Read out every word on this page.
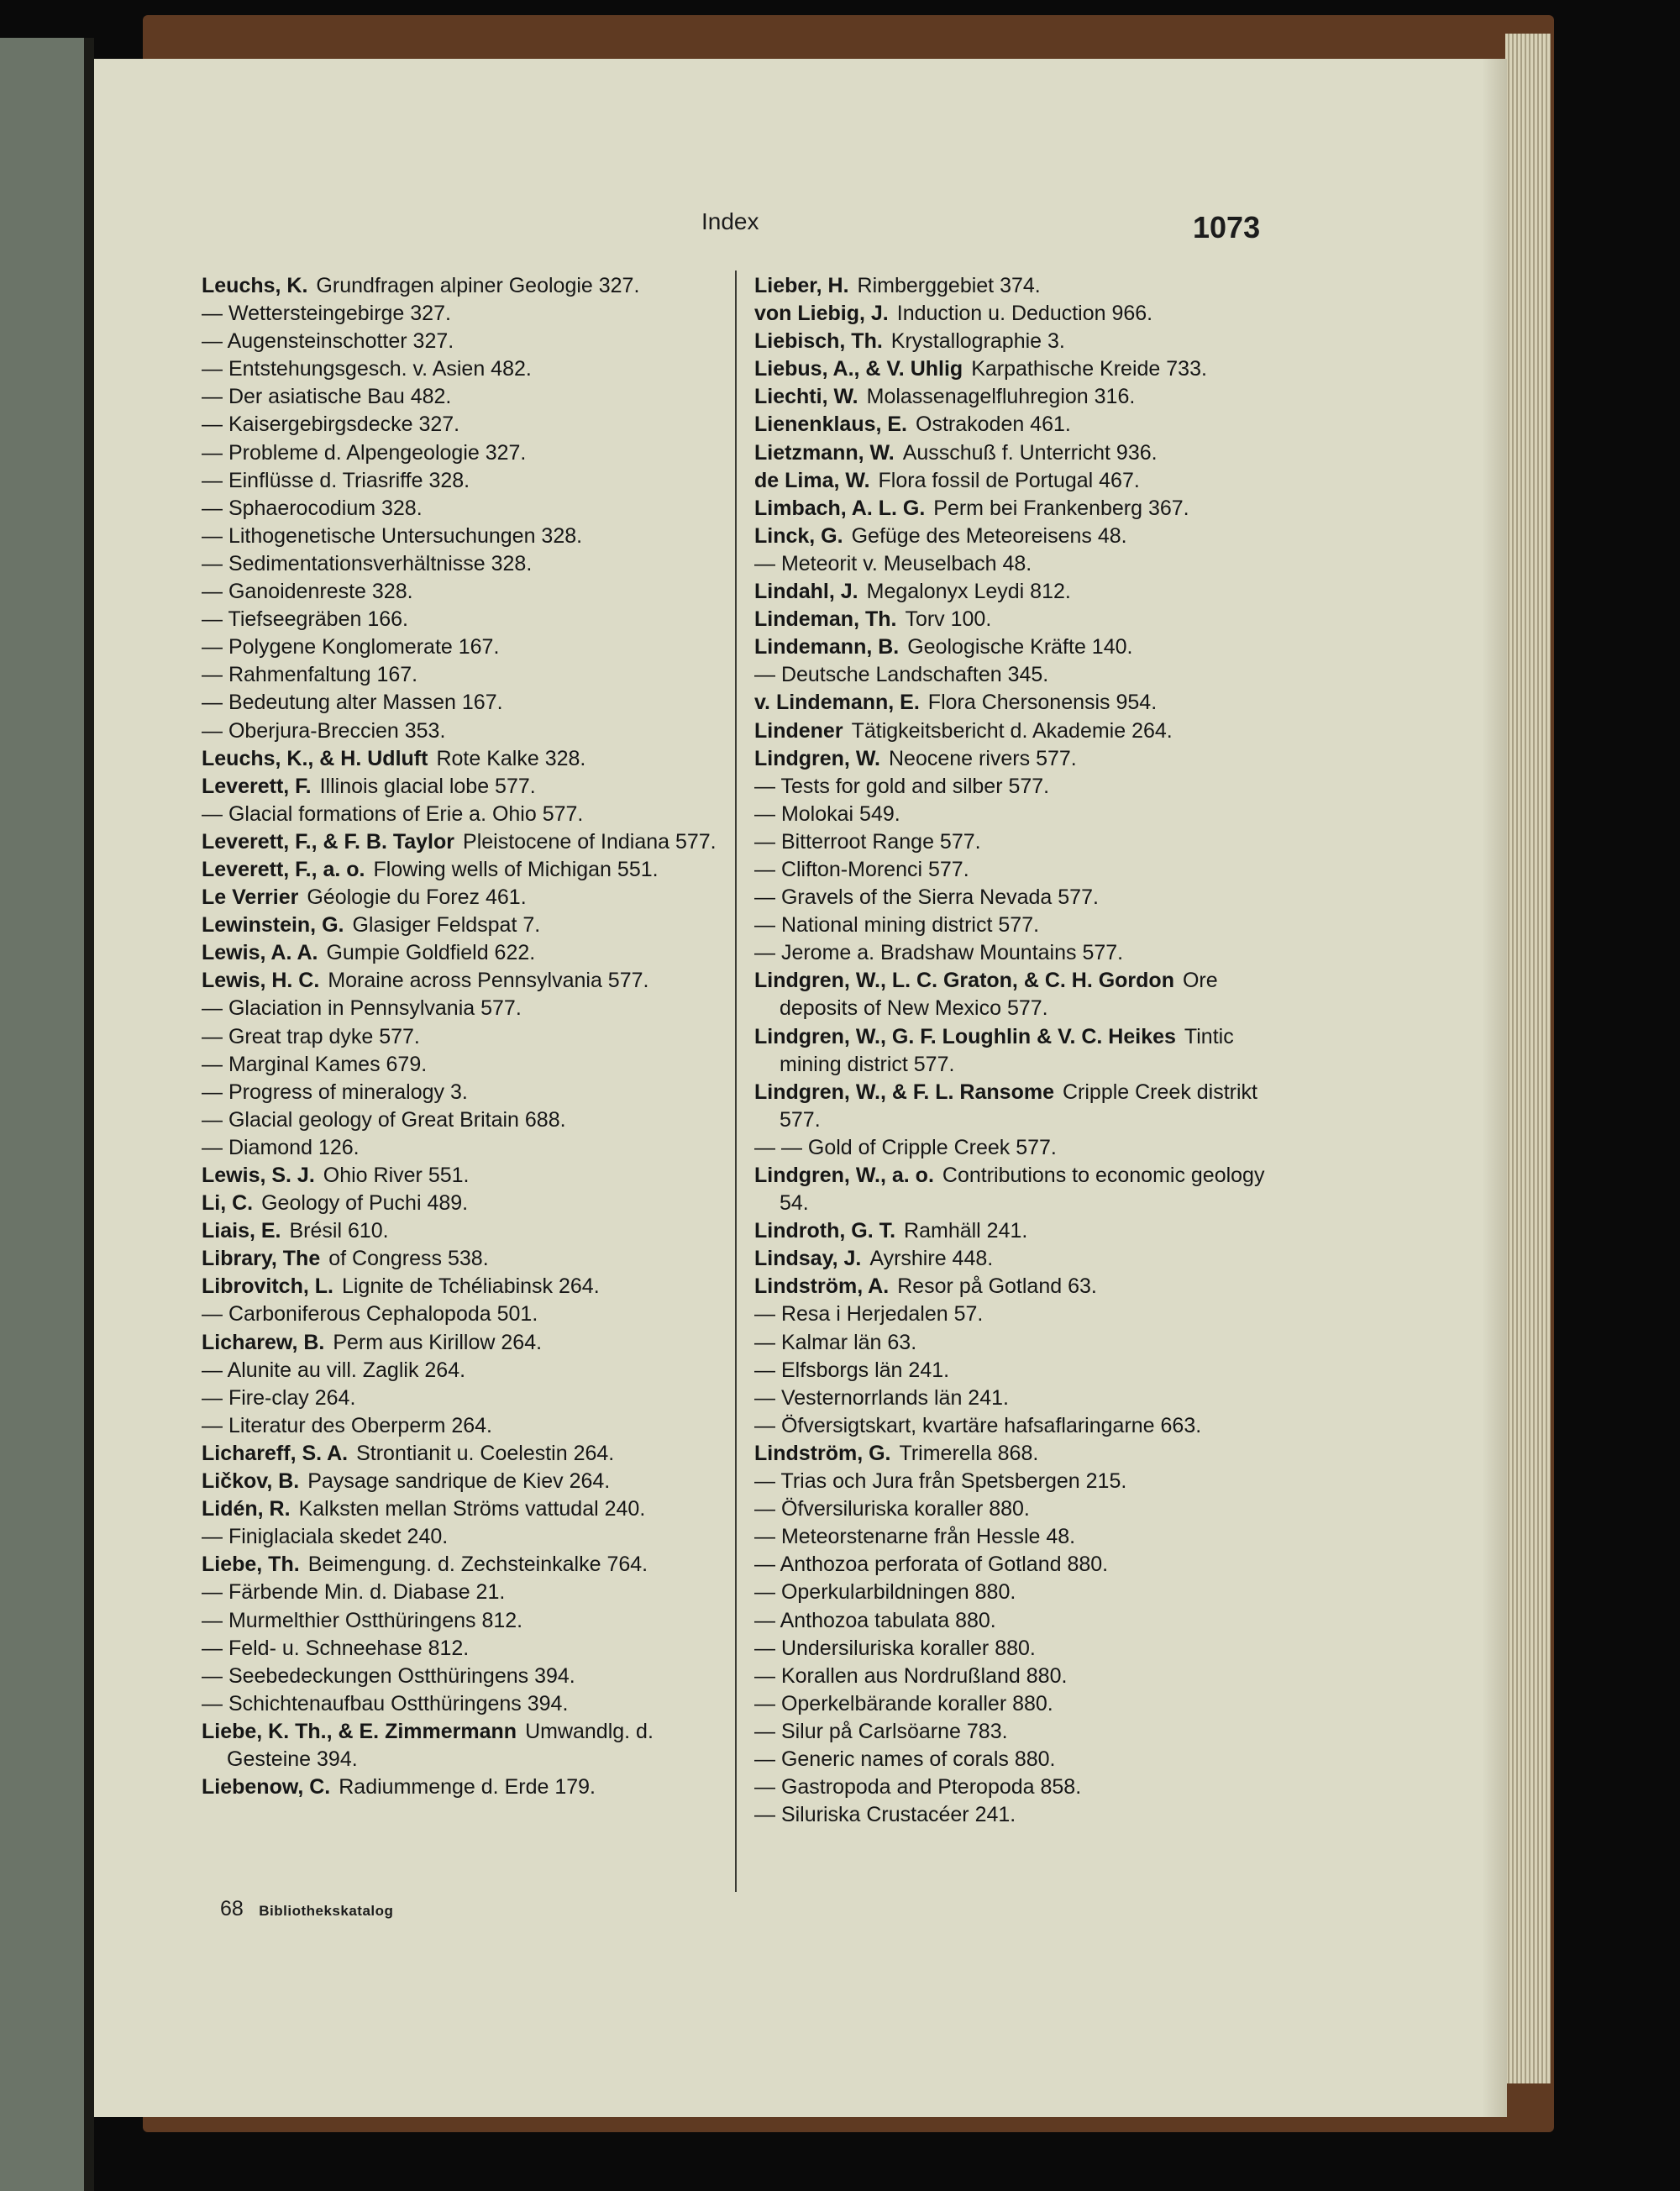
Index	1073
Leuchs, K. Grundfragen alpiner Geologie 327.
— Wettersteingebirge 327.
— Augensteinschotter 327.
— Entstehungsgesch. v. Asien 482.
— Der asiatische Bau 482.
— Kaisergebirgsdecke 327.
— Probleme d. Alpengeologie 327.
— Einflüsse d. Triasriffe 328.
— Sphaerocodium 328.
— Lithogenetische Untersuchungen 328.
— Sedimentationsverhältnisse 328.
— Ganoidenreste 328.
— Tiefseegräben 166.
— Polygene Konglomerate 167.
— Rahmenfaltung 167.
— Bedeutung alter Massen 167.
— Oberjura-Breccien 353.
Leuchs, K., & H. Udluft Rote Kalke 328.
Leverett, F. Illinois glacial lobe 577.
— Glacial formations of Erie a. Ohio 577.
Leverett, F., & F. B. Taylor Pleistocene of Indiana 577.
Leverett, F., a. o. Flowing wells of Michigan 551.
Le Verrier Géologie du Forez 461.
Lewinstein, G. Glasiger Feldspat 7.
Lewis, A. A. Gumpie Goldfield 622.
Lewis, H. C. Moraine across Pennsylvania 577.
— Glaciation in Pennsylvania 577.
— Great trap dyke 577.
— Marginal Kames 679.
— Progress of mineralogy 3.
— Glacial geology of Great Britain 688.
— Diamond 126.
Lewis, S. J. Ohio River 551.
Li, C. Geology of Puchi 489.
Liais, E. Brésil 610.
Library, The of Congress 538.
Librovitch, L. Lignite de Tchéliabinsk 264.
— Carboniferous Cephalopoda 501.
Licharew, B. Perm aus Kirillow 264.
— Alunite au vill. Zaglik 264.
— Fire-clay 264.
— Literatur des Oberperm 264.
Lichareff, S. A. Strontianit u. Coelestin 264.
Ličkov, B. Paysage sandrique de Kiev 264.
Lidén, R. Kalksten mellan Ströms vattudal 240.
— Finiglaciala skedet 240.
Liebe, Th. Beimengung. d. Zechsteinkalke 764.
— Färbende Min. d. Diabase 21.
— Murmelthier Ostthüringens 812.
— Feld- u. Schneehase 812.
— Seebedeckungen Ostthüringens 394.
— Schichtenaufbau Ostthüringens 394.
Liebe, K. Th., & E. Zimmermann Umwandlg. d. Gesteine 394.
Liebenow, C. Radiummenge d. Erde 179.
Lieber, H. Rimberggebiet 374.
von Liebig, J. Induction u. Deduction 966.
Liebisch, Th. Krystallographie 3.
Liebus, A., & V. Uhlig Karpathische Kreide 733.
Liechti, W. Molassenagelfluhregion 316.
Lienenklaus, E. Ostrakoden 461.
Lietzmann, W. Ausschuß f. Unterricht 936.
de Lima, W. Flora fossil de Portugal 467.
Limbach, A. L. G. Perm bei Frankenberg 367.
Linck, G. Gefüge des Meteoreisens 48.
— Meteorit v. Meuselbach 48.
Lindahl, J. Megalonyx Leydi 812.
Lindeman, Th. Torv 100.
Lindemann, B. Geologische Kräfte 140.
— Deutsche Landschaften 345.
v. Lindemann, E. Flora Chersonensis 954.
Lindener Tätigkeitsbericht d. Akademie 264.
Lindgren, W. Neocene rivers 577.
— Tests for gold and silber 577.
— Molokai 549.
— Bitterroot Range 577.
— Clifton-Morenci 577.
— Gravels of the Sierra Nevada 577.
— National mining district 577.
— Jerome a. Bradshaw Mountains 577.
Lindgren, W., L. C. Graton, & C. H. Gordon Ore deposits of New Mexico 577.
Lindgren, W., G. F. Loughlin & V. C. Heikes Tintic mining district 577.
Lindgren, W., & F. L. Ransome Cripple Creek distrikt 577.
— — Gold of Cripple Creek 577.
Lindgren, W., a. o. Contributions to economic geology 54.
Lindroth, G. T. Ramhäll 241.
Lindsay, J. Ayrshire 448.
Lindström, A. Resor på Gotland 63.
— Resa i Herjedalen 57.
— Kalmar län 63.
— Elfsborgs län 241.
— Vesternorrlands län 241.
— Öfversigtskart, kvartäre hafsaflaringarne 663.
Lindström, G. Trimerella 868.
— Trias och Jura från Spetsbergen 215.
— Öfversiluriska koraller 880.
— Meteorstenarne från Hessle 48.
— Anthozoa perforata of Gotland 880.
— Operkularbildningen 880.
— Anthozoa tabulata 880.
— Undersiluriska koraller 880.
— Korallen aus Nordrußland 880.
— Operkelbärande koraller 880.
— Silur på Carlsöarne 783.
— Generic names of corals 880.
— Gastropoda and Pteropoda 858.
— Siluriska Crustacéer 241.
68 Bibliothekskatalog
